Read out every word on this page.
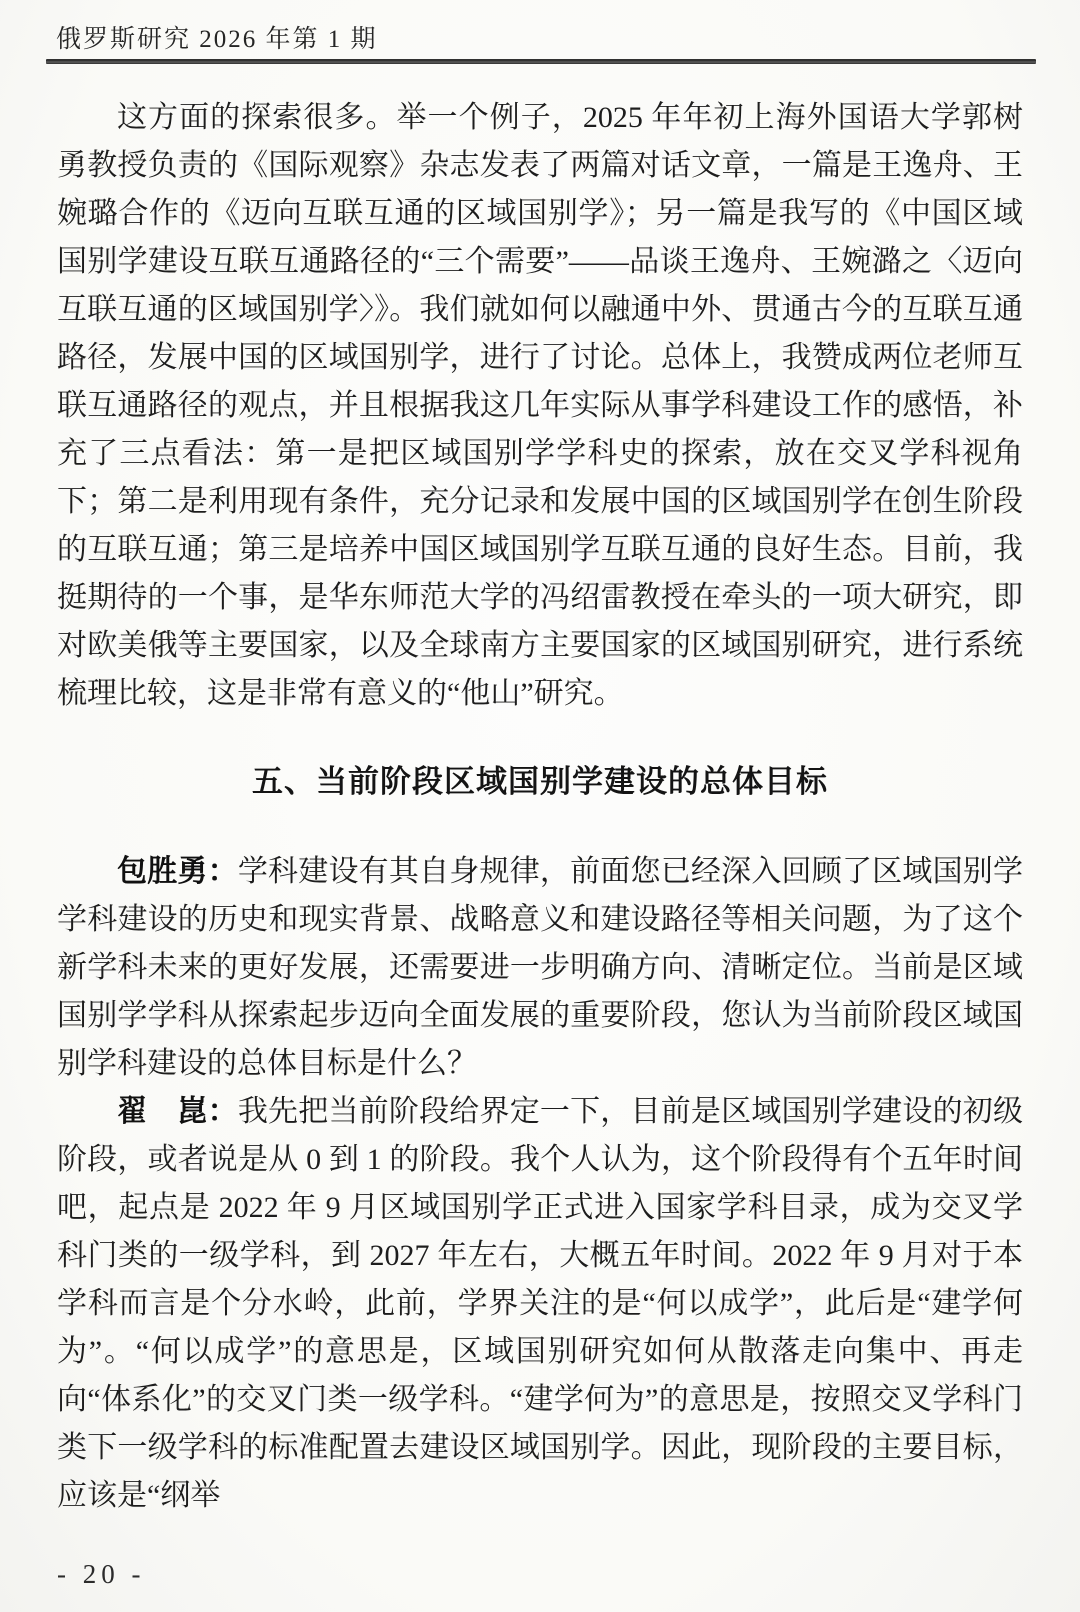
俄罗斯研究 2026 年第 1 期

这方面的探索很多。举一个例子，2025 年年初上海外国语大学郭树勇教授负责的《国际观察》杂志发表了两篇对话文章，一篇是王逸舟、王婉璐合作的《迈向互联互通的区域国别学》；另一篇是我写的《中国区域国别学建设互联互通路径的“三个需要”——品谈王逸舟、王婉潞之〈迈向互联互通的区域国别学〉》。我们就如何以融通中外、贯通古今的互联互通路径，发展中国的区域国别学，进行了讨论。总体上，我赞成两位老师互联互通路径的观点，并且根据我这几年实际从事学科建设工作的感悟，补充了三点看法：第一是把区域国别学学科史的探索，放在交叉学科视角下；第二是利用现有条件，充分记录和发展中国的区域国别学在创生阶段的互联互通；第三是培养中国区域国别学互联互通的良好生态。目前，我挺期待的一个事，是华东师范大学的冯绍雷教授在牵头的一项大研究，即对欧美俄等主要国家，以及全球南方主要国家的区域国别研究，进行系统梳理比较，这是非常有意义的“他山”研究。

五、当前阶段区域国别学建设的总体目标

包胜勇：学科建设有其自身规律，前面您已经深入回顾了区域国别学学科建设的历史和现实背景、战略意义和建设路径等相关问题，为了这个新学科未来的更好发展，还需要进一步明确方向、清晰定位。当前是区域国别学学科从探索起步迈向全面发展的重要阶段，您认为当前阶段区域国别学科建设的总体目标是什么？

翟　崑：我先把当前阶段给界定一下，目前是区域国别学建设的初级阶段，或者说是从 0 到 1 的阶段。我个人认为，这个阶段得有个五年时间吧，起点是 2022 年 9 月区域国别学正式进入国家学科目录，成为交叉学科门类的一级学科，到 2027 年左右，大概五年时间。2022 年 9 月对于本学科而言是个分水岭，此前，学界关注的是“何以成学”，此后是“建学何为”。“何以成学”的意思是，区域国别研究如何从散落走向集中、再走向“体系化”的交叉门类一级学科。“建学何为”的意思是，按照交叉学科门类下一级学科的标准配置去建设区域国别学。因此，现阶段的主要目标，应该是“纲举

- 20 -
